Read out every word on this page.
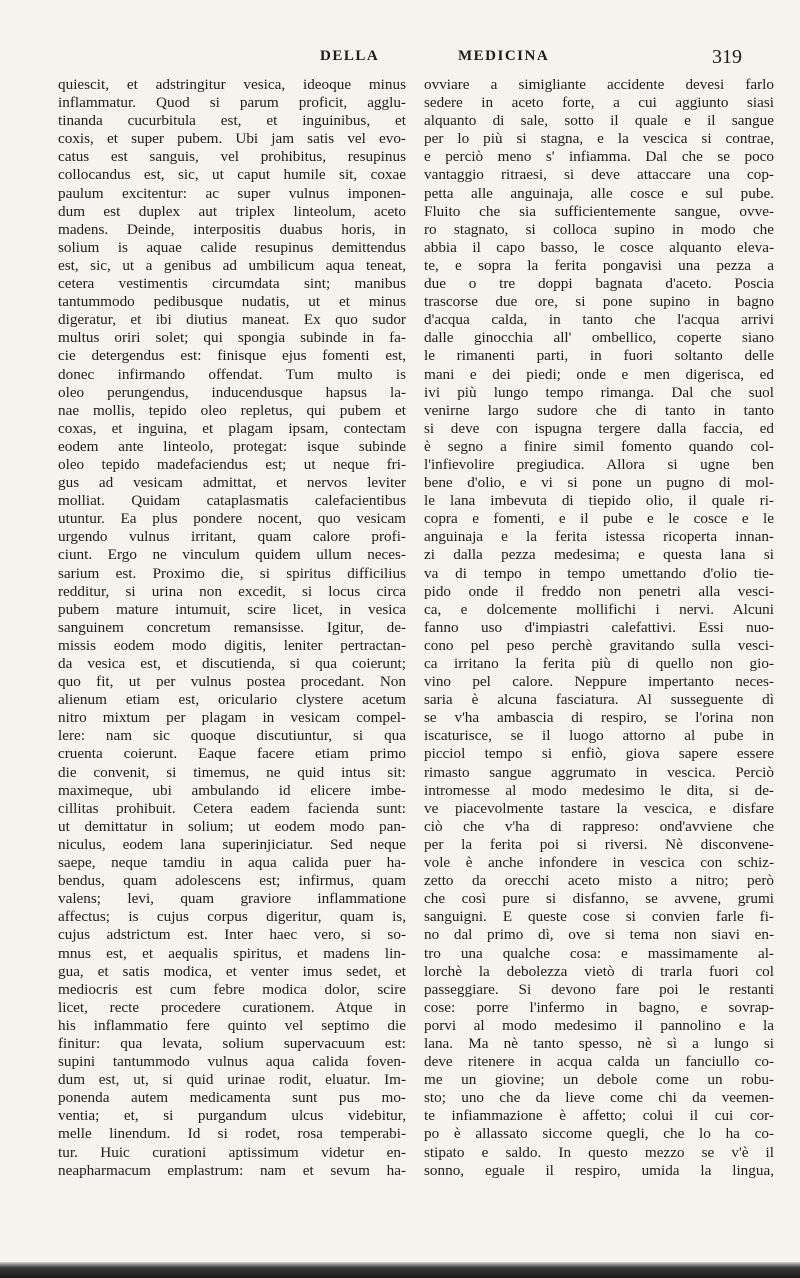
DELLA	MEDICINA	319
quiescit, et adstringitur vesica, ideoque minus
inflammatur. Quod si parum proficit, agglu-
tinanda cucurbitula est, et inguinibus, et
coxis, et super pubem. Ubi jam satis vel evo-
catus est sanguis, vel prohibitus, resupinus
collocandus est, sic, ut caput humile sit, coxae
paulum excitentur: ac super vulnus imponen-
dum est duplex aut triplex linteolum, aceto
madens. Deinde, interpositis duabus horis, in
solium is aquae calide resupinus demittendus
est, sic, ut a genibus ad umbilicum aqua teneat,
cetera vestimentis circumdata sint; manibus
tantummodo pedibusque nudatis, ut et minus
digeratur, et ibi diutius maneat. Ex quo sudor
multus oriri solet; qui spongia subinde in fa-
cie detergendus est: finisque ejus fomenti est,
donec infirmando offendat. Tum multo is
oleo perungendus, inducendusque hapsus la-
nae mollis, tepido oleo repletus, qui pubem et
coxas, et inguina, et plagam ipsam, contectam
eodem ante linteolo, protegat: isque subinde
oleo tepido madefaciendus est; ut neque fri-
gus ad vesicam admittat, et nervos leviter
molliat. Quidam cataplasmatis calefacientibus
utuntur. Ea plus pondere nocent, quo vesicam
urgendo vulnus irritant, quam calore profi-
ciunt. Ergo ne vinculum quidem ullum neces-
sarium est. Proximo die, si spiritus difficilius
redditur, si urina non excedit, si locus circa
pubem mature intumuit, scire licet, in vesica
sanguinem concretum remansisse. Igitur, de-
missis eodem modo digitis, leniter pertractan-
da vesica est, et discutienda, si qua coierunt;
quo fit, ut per vulnus postea procedant. Non
alienum etiam est, oriculario clystere acetum
nitro mixtum per plagam in vesicam compel-
lere: nam sic quoque discutiuntur, si qua
cruenta coierunt. Eaque facere etiam primo
die convenit, si timemus, ne quid intus sit:
maximeque, ubi ambulando id elicere imbe-
cillitas prohibuit. Cetera eadem facienda sunt:
ut demittatur in solium; ut eodem modo pan-
niculus, eodem lana superinjiciatur. Sed neque
saepe, neque tamdiu in aqua calida puer ha-
bendus, quam adolescens est; infirmus, quam
valens; levi, quam graviore inflammatione
affectus; is cujus corpus digeritur, quam is,
cujus adstrictum est. Inter haec vero, si so-
mnus est, et aequalis spiritus, et madens lin-
gua, et satis modica, et venter imus sedet, et
mediocris est cum febre modica dolor, scire
licet, recte procedere curationem. Atque in
his inflammatio fere quinto vel septimo die
finitur: qua levata, solium supervacuum est:
supini tantummodo vulnus aqua calida foven-
dum est, ut, si quid urinae rodit, eluatur. Im-
ponenda autem medicamenta sunt pus mo-
ventia; et, si purgandum ulcus videbitur,
melle linendum. Id si rodet, rosa temperabi-
tur. Huic curationi aptissimum videtur en-
neapharmacum emplastrum: nam et sevum ha-
ovviare a simigliante accidente devesi farlo
sedere in aceto forte, a cui aggiunto siasi
alquanto di sale, sotto il quale e il sangue
per lo più si stagna, e la vescica si contrae,
e perciò meno s' infiamma. Dal che se poco
vantaggio ritraesi, si deve attaccare una cop-
petta alle anguinaja, alle cosce e sul pube.
Fluito che sia sufficientemente sangue, ovve-
ro stagnato, si colloca supino in modo che
abbia il capo basso, le cosce alquanto eleva-
te, e sopra la ferita pongavisi una pezza a
due o tre doppi bagnata d'aceto. Poscia
trascorse due ore, si pone supino in bagno
d'acqua calda, in tanto che l'acqua arrivi
dalle ginocchia all' ombellico, coperte siano
le rimanenti parti, in fuori soltanto delle
mani e dei piedi; onde e men digerisca, ed
ivi più lungo tempo rimanga. Dal che suol
venirne largo sudore che di tanto in tanto
si deve con ispugna tergere dalla faccia, ed
è segno a finire simil fomento quando col-
l'infievolire pregiudica. Allora si ugne ben
bene d'olio, e vi si pone un pugno di mol-
le lana imbevuta di tiepido olio, il quale ri-
copra e fomenti, e il pube e le cosce e le
anguinaja e la ferita istessa ricoperta innan-
zi dalla pezza medesima; e questa lana si
va di tempo in tempo umettando d'olio tie-
pido onde il freddo non penetri alla vesci-
ca, e dolcemente mollifichi i nervi. Alcuni
fanno uso d'impiastri calefattivi. Essi nuo-
cono pel peso perchè gravitando sulla vesci-
ca irritano la ferita più di quello non gio-
vino pel calore. Neppure impertanto neces-
saria è alcuna fasciatura. Al susseguente dì
se v'ha ambascia di respiro, se l'orina non
iscaturisce, se il luogo attorno al pube in
picciol tempo si enfiò, giova sapere essere
rimasto sangue aggrumato in vescica. Perciò
intromesse al modo medesimo le dita, si de-
ve piacevolmente tastare la vescica, e disfare
ciò che v'ha di rappreso: ond'avviene che
per la ferita poi si riversi. Nè disconvene-
vole è anche infondere in vescica con schiz-
zetto da orecchi aceto misto a nitro; però
che così pure si disfanno, se avvene, grumi
sanguigni. E queste cose si convien farle fi-
no dal primo dì, ove si tema non siavi en-
tro una qualche cosa: e massimamente al-
lorchè la debolezza vietò di trarla fuori col
passeggiare. Si devono fare poi le restanti
cose: porre l'infermo in bagno, e sovrap-
porvi al modo medesimo il pannolino e la
lana. Ma nè tanto spesso, nè sì a lungo si
deve ritenere in acqua calda un fanciullo co-
me un giovine; un debole come un robu-
sto; uno che da lieve come chi da veemen-
te infiammazione è affetto; colui il cui cor-
po è allassato siccome quegli, che lo ha co-
stipato e saldo. In questo mezzo se v'è il
sonno, eguale il respiro, umida la lingua,
